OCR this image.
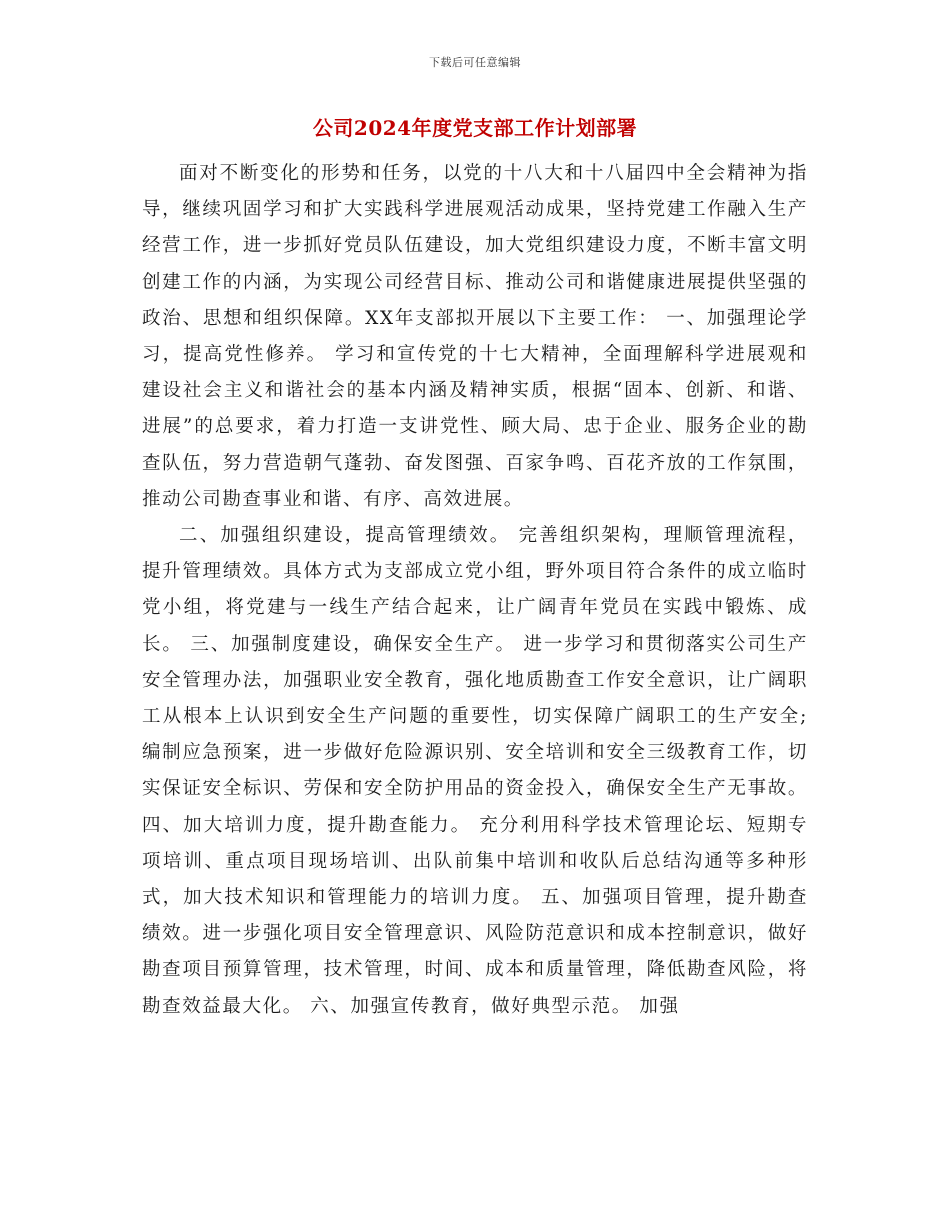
下载后可任意编辑
公司2024年度党支部工作计划部署

面对不断变化的形势和任务，以党的十八大和十八届四中全会精神为指导，继续巩固学习和扩大实践科学进展观活动成果，坚持党建工作融入生产经营工作，进一步抓好党员队伍建设，加大党组织建设力度，不断丰富文明创建工作的内涵，为实现公司经营目标、推动公司和谐健康进展提供坚强的政治、思想和组织保障。XX年支部拟开展以下主要工作： 一、加强理论学习，提高党性修养。 学习和宣传党的十七大精神，全面理解科学进展观和建设社会主义和谐社会的基本内涵及精神实质，根据“固本、创新、和谐、进展”的总要求，着力打造一支讲党性、顾大局、忠于企业、服务企业的勘查队伍，努力营造朝气蓬勃、奋发图强、百家争鸣、百花齐放的工作氛围，推动公司勘查事业和谐、有序、高效进展。

二、加强组织建设，提高管理绩效。 完善组织架构，理顺管理流程，提升管理绩效。具体方式为支部成立党小组，野外项目符合条件的成立临时党小组，将党建与一线生产结合起来，让广阔青年党员在实践中锻炼、成长。 三、加强制度建设，确保安全生产。 进一步学习和贯彻落实公司生产安全管理办法，加强职业安全教育，强化地质勘查工作安全意识，让广阔职工从根本上认识到安全生产问题的重要性，切实保障广阔职工的生产安全;编制应急预案，进一步做好危险源识别、安全培训和安全三级教育工作，切实保证安全标识、劳保和安全防护用品的资金投入，确保安全生产无事故。 四、加大培训力度，提升勘查能力。 充分利用科学技术管理论坛、短期专项培训、重点项目现场培训、出队前集中培训和收队后总结沟通等多种形式，加大技术知识和管理能力的培训力度。 五、加强项目管理，提升勘查绩效。进一步强化项目安全管理意识、风险防范意识和成本控制意识，做好勘查项目预算管理，技术管理，时间、成本和质量管理，降低勘查风险，将勘查效益最大化。 六、加强宣传教育，做好典型示范。 加强
